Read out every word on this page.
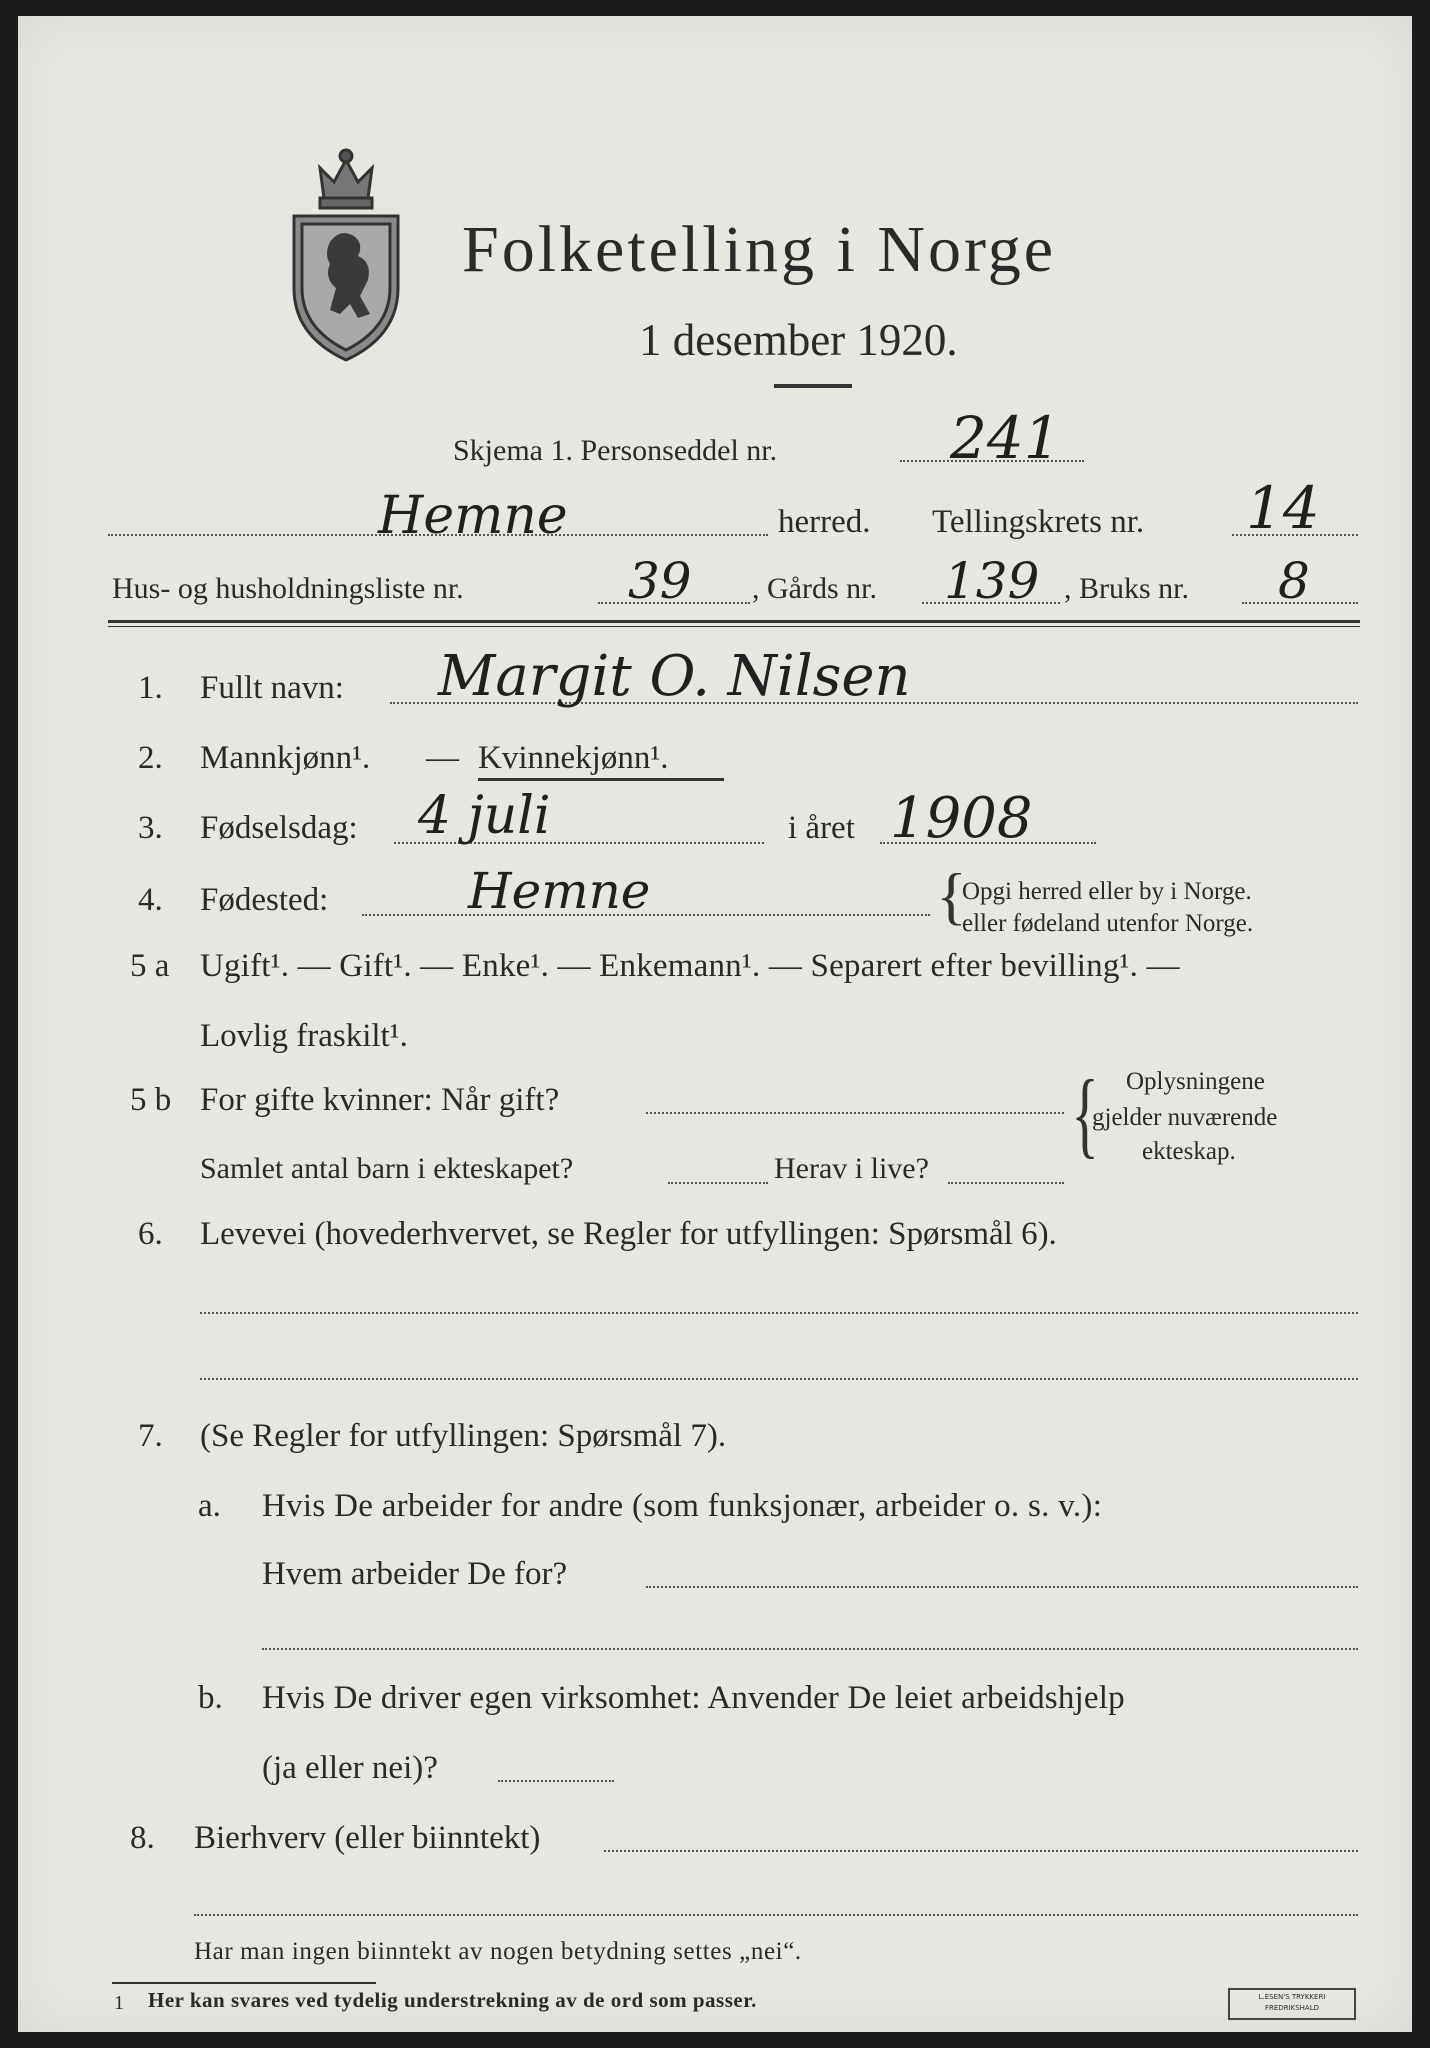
Folketelling i Norge
1 desember 1920.
Skjema 1. Personseddel nr.	241
Hemne	herred. Tellingskrets nr. 14
Hus- og husholdningsliste nr.	39 , Gårds nr. 139 , Bruks nr. 8
1. Fullt navn: Margit O. Nilsen
2. Mannkjønn¹. — Kvinnekjønn¹.
3. Fødselsdag: 4 juli	i året 1908
4. Fødested:	Hemne	{
Opgi herred eller by i Norge.
eller fødeland utenfor Norge.
5 a Ugift¹. — Gift¹. — Enke¹. — Enkemann¹. — Separert efter bevilling¹. —
Lovlig fraskilt¹.
5 b For gifte kvinner: Når gift?
Samlet antal barn i ekteskapet?	Herav i live?
{ Oplysningene
gjelder nuværende
ekteskap.
6. Levevei (hovederhvervet, se Regler for utfyllingen: Spørsmål 6).
7. (Se Regler for utfyllingen: Spørsmål 7).
a. Hvis De arbeider for andre (som funksjonær, arbeider o. s. v.):
Hvem arbeider De for?
b. Hvis De driver egen virksomhet: Anvender De leiet arbeidshjelp
(ja eller nei)?
8. Bierhverv (eller biinntekt)
Har man ingen biinntekt av nogen betydning settes „nei“.
1 Her kan svares ved tydelig understrekning av de ord som passer.	L.ESEN'S TRYKKERI
FREDRIKSHALD
